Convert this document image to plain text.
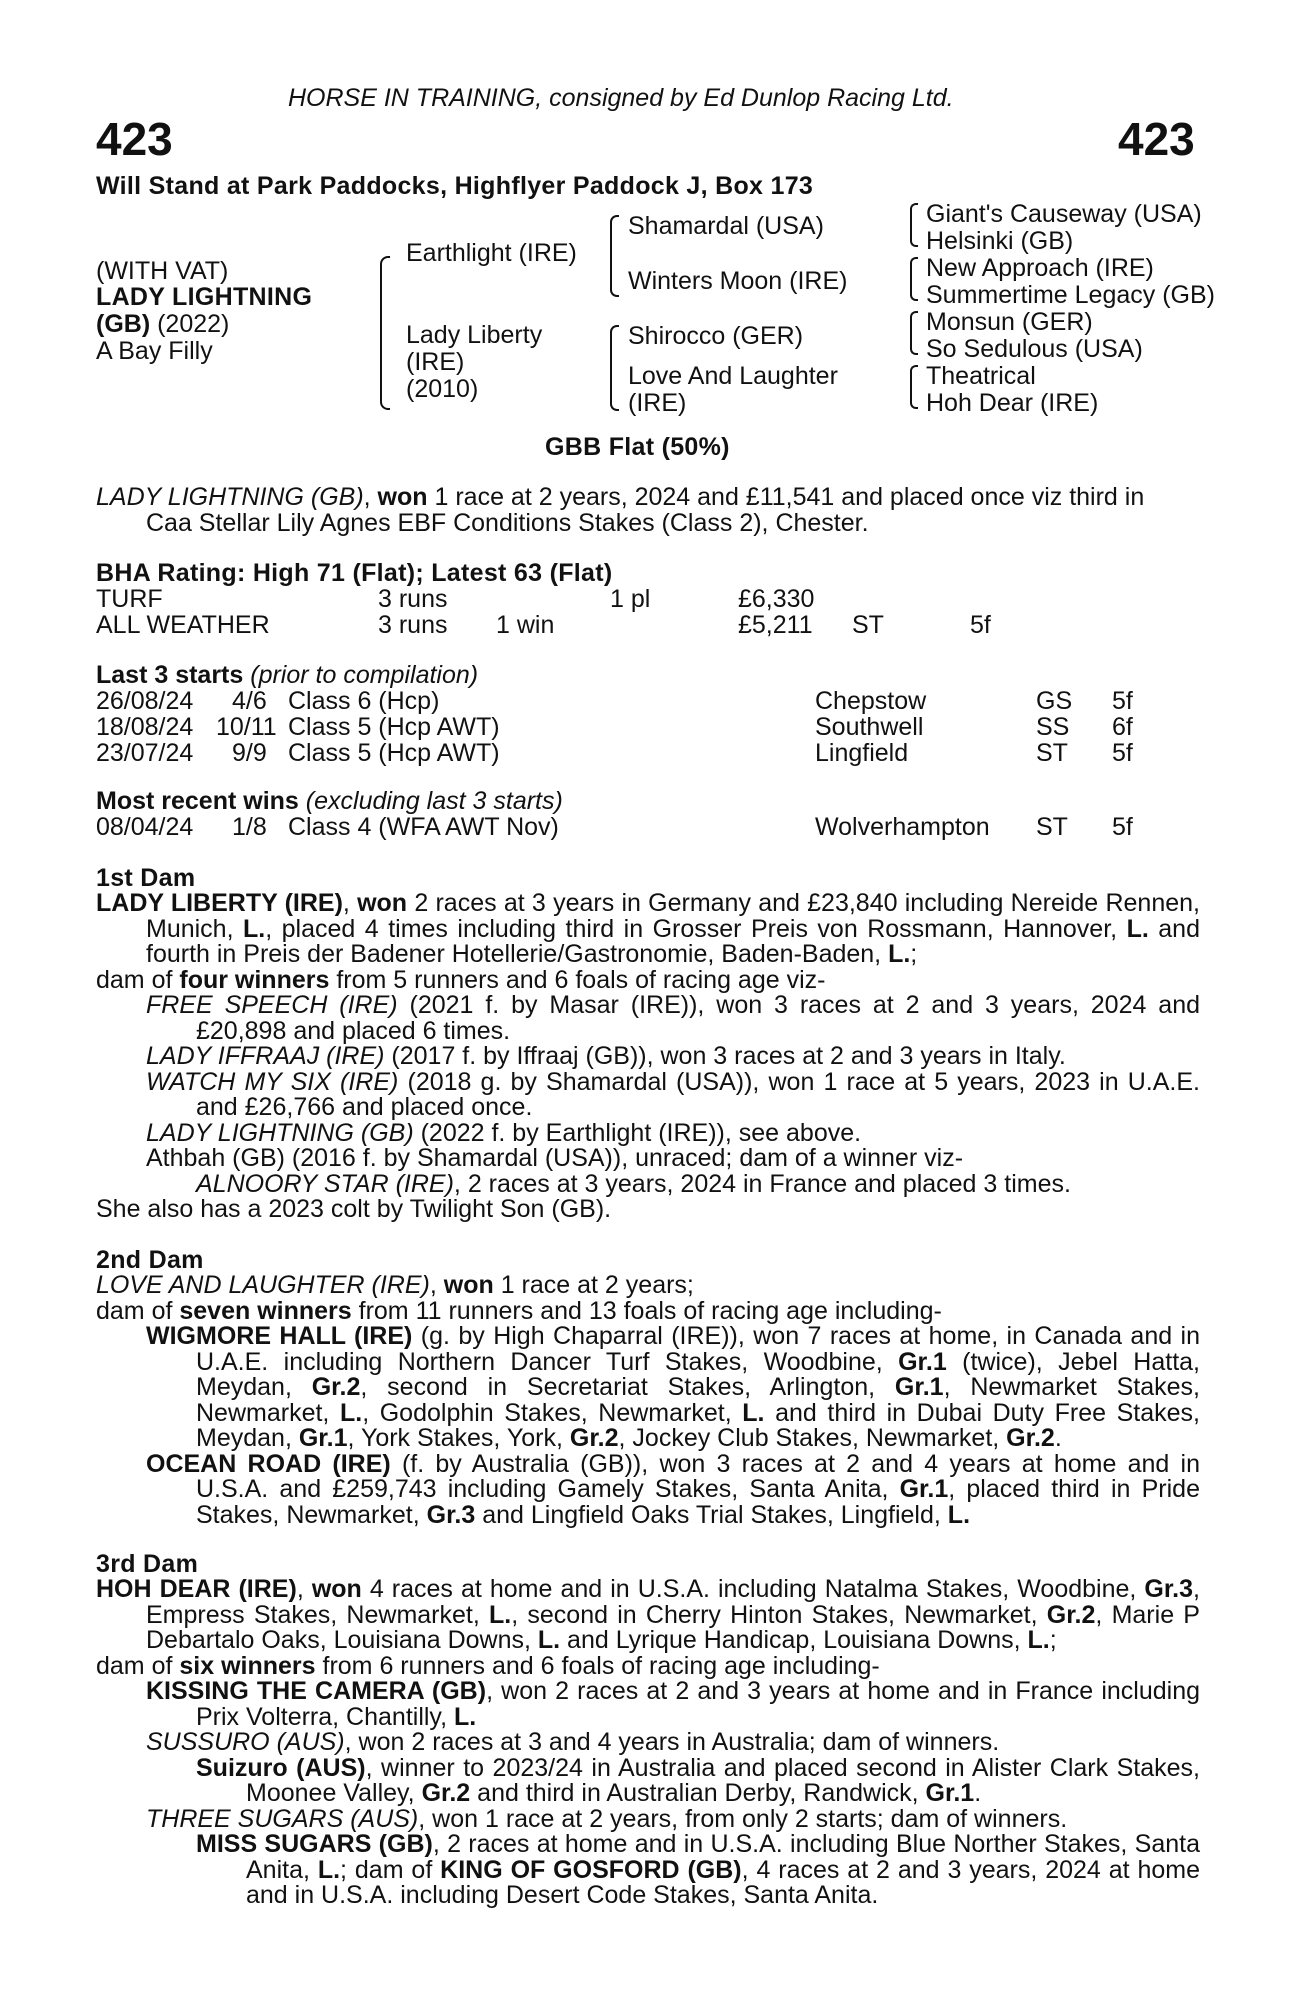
HORSE IN TRAINING, consigned by Ed Dunlop Racing Ltd.
423	423
Will Stand at Park Paddocks, Highflyer Paddock J, Box 173
(WITH VAT)
LADY LIGHTNING
(GB) (2022)
A Bay Filly
Earthlight (IRE)
Lady Liberty
(IRE)
(2010)
Shamardal (USA)
Winters Moon (IRE)
Shirocco (GER)
Love And Laughter
(IRE)
Giant's Causeway (USA)
Helsinki (GB)
New Approach (IRE)
Summertime Legacy (GB)
Monsun (GER)
So Sedulous (USA)
Theatrical
Hoh Dear (IRE)
GBB Flat (50%)
LADY LIGHTNING (GB), won 1 race at 2 years, 2024 and £11,541 and placed once viz third in
Caa Stellar Lily Agnes EBF Conditions Stakes (Class 2), Chester.
BHA Rating: High 71 (Flat); Latest 63 (Flat)
TURF	3 runs	1 pl	£6,330
ALL WEATHER	3 runs 1 win	£5,211 ST	5f
Last 3 starts (prior to compilation)
26/08/24 4/6 Class 6 (Hcp)	Chepstow	GS 5f
18/08/24 10/11 Class 5 (Hcp AWT)	Southwell	SS 6f
23/07/24 9/9 Class 5 (Hcp AWT)	Lingfield	ST 5f
Most recent wins (excluding last 3 starts)
08/04/24 1/8 Class 4 (WFA AWT Nov)	Wolverhampton ST 5f
1st Dam
LADY LIBERTY (IRE), won 2 races at 3 years in Germany and £23,840 including Nereide Rennen, Munich, L., placed 4 times including third in Grosser Preis von Rossmann, Hannover, L. and fourth in Preis der Badener Hotellerie/Gastronomie, Baden-Baden, L.;
dam of four winners from 5 runners and 6 foals of racing age viz-
FREE SPEECH (IRE) (2021 f. by Masar (IRE)), won 3 races at 2 and 3 years, 2024 and £20,898 and placed 6 times.
LADY IFFRAAJ (IRE) (2017 f. by Iffraaj (GB)), won 3 races at 2 and 3 years in Italy.
WATCH MY SIX (IRE) (2018 g. by Shamardal (USA)), won 1 race at 5 years, 2023 in U.A.E. and £26,766 and placed once.
LADY LIGHTNING (GB) (2022 f. by Earthlight (IRE)), see above.
Athbah (GB) (2016 f. by Shamardal (USA)), unraced; dam of a winner viz-
ALNOORY STAR (IRE), 2 races at 3 years, 2024 in France and placed 3 times.
She also has a 2023 colt by Twilight Son (GB).
2nd Dam
LOVE AND LAUGHTER (IRE), won 1 race at 2 years;
dam of seven winners from 11 runners and 13 foals of racing age including-
WIGMORE HALL (IRE) (g. by High Chaparral (IRE)), won 7 races at home, in Canada and in U.A.E. including Northern Dancer Turf Stakes, Woodbine, Gr.1 (twice), Jebel Hatta, Meydan, Gr.2, second in Secretariat Stakes, Arlington, Gr.1, Newmarket Stakes, Newmarket, L., Godolphin Stakes, Newmarket, L. and third in Dubai Duty Free Stakes, Meydan, Gr.1, York Stakes, York, Gr.2, Jockey Club Stakes, Newmarket, Gr.2.
OCEAN ROAD (IRE) (f. by Australia (GB)), won 3 races at 2 and 4 years at home and in U.S.A. and £259,743 including Gamely Stakes, Santa Anita, Gr.1, placed third in Pride Stakes, Newmarket, Gr.3 and Lingfield Oaks Trial Stakes, Lingfield, L.
3rd Dam
HOH DEAR (IRE), won 4 races at home and in U.S.A. including Natalma Stakes, Woodbine, Gr.3, Empress Stakes, Newmarket, L., second in Cherry Hinton Stakes, Newmarket, Gr.2, Marie P Debartalo Oaks, Louisiana Downs, L. and Lyrique Handicap, Louisiana Downs, L.;
dam of six winners from 6 runners and 6 foals of racing age including-
KISSING THE CAMERA (GB), won 2 races at 2 and 3 years at home and in France including Prix Volterra, Chantilly, L.
SUSSURO (AUS), won 2 races at 3 and 4 years in Australia; dam of winners.
Suizuro (AUS), winner to 2023/24 in Australia and placed second in Alister Clark Stakes, Moonee Valley, Gr.2 and third in Australian Derby, Randwick, Gr.1.
THREE SUGARS (AUS), won 1 race at 2 years, from only 2 starts; dam of winners.
MISS SUGARS (GB), 2 races at home and in U.S.A. including Blue Norther Stakes, Santa Anita, L.; dam of KING OF GOSFORD (GB), 4 races at 2 and 3 years, 2024 at home and in U.S.A. including Desert Code Stakes, Santa Anita.
